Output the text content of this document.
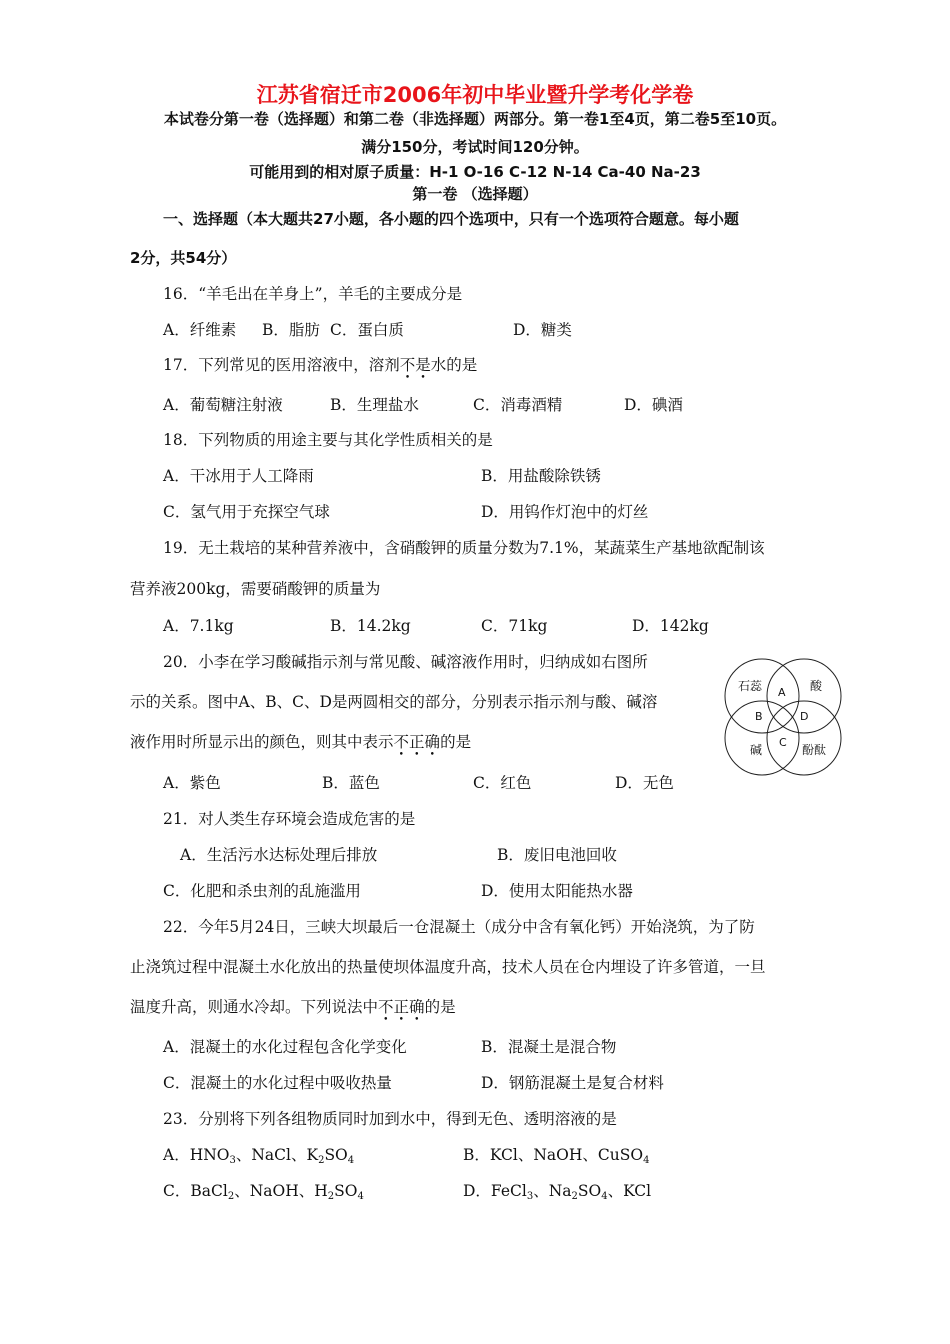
江苏省宿迁市2006年初中毕业暨升学考化学卷
本试卷分第一卷（选择题）和第二卷（非选择题）两部分。第一卷1至4页，第二卷5至10页。
满分150分，考试时间120分钟。
可能用到的相对原子质量：H-1 O-16 C-12 N-14 Ca-40 Na-23
第一卷 （选择题）
一、选择题（本大题共27小题，各小题的四个选项中，只有一个选项符合题意。每小题
2分，共54分）
16．“羊毛出在羊身上”，羊毛的主要成分是
A．纤维素 B．脂肪 C．蛋白质	D．糖类
17．下列常见的医用溶液中，溶剂不是水的是
A．葡萄糖注射液	B．生理盐水	C．消毒酒精	D．碘酒
18．下列物质的用途主要与其化学性质相关的是
A．干冰用于人工降雨	B．用盐酸除铁锈
C．氢气用于充探空气球	D．用钨作灯泡中的灯丝
19．无土栽培的某种营养液中，含硝酸钾的质量分数为7.1%，某蔬菜生产基地欲配制该
营养液200kg，需要硝酸钾的质量为
A．7.1kg	B．14.2kg	C．71kg	D．142kg
20．小李在学习酸碱指示剂与常见酸、碱溶液作用时，归纳成如右图所
示的关系。图中A、B、C、D是两圆相交的部分，分别表示指示剂与酸、碱溶
液作用时所显示出的颜色，则其中表示不正确的是
A．紫色	B．蓝色	C．红色	D．无色
石蕊	酸
碱	酚酞
A
B	D
C
21．对人类生存环境会造成危害的是
A．生活污水达标处理后排放	B．废旧电池回收
C．化肥和杀虫剂的乱施滥用	D．使用太阳能热水器
22．今年5月24日，三峡大坝最后一仓混凝土（成分中含有氧化钙）开始浇筑，为了防
止浇筑过程中混凝土水化放出的热量使坝体温度升高，技术人员在仓内埋设了许多管道，一旦
温度升高，则通水冷却。下列说法中不正确的是
A．混凝土的水化过程包含化学变化	B．混凝土是混合物
C．混凝土的水化过程中吸收热量	D．钢筋混凝土是复合材料
23．分别将下列各组物质同时加到水中，得到无色、透明溶液的是
A．$HNO_3$、NaCl、$K_2SO_4$	B．KCl、NaOH、CuSO$_4$
C．BaCl$_2$、NaOH、$H_2SO_4$	D．FeCl$_3$、$Na_2SO_4$、KCl
